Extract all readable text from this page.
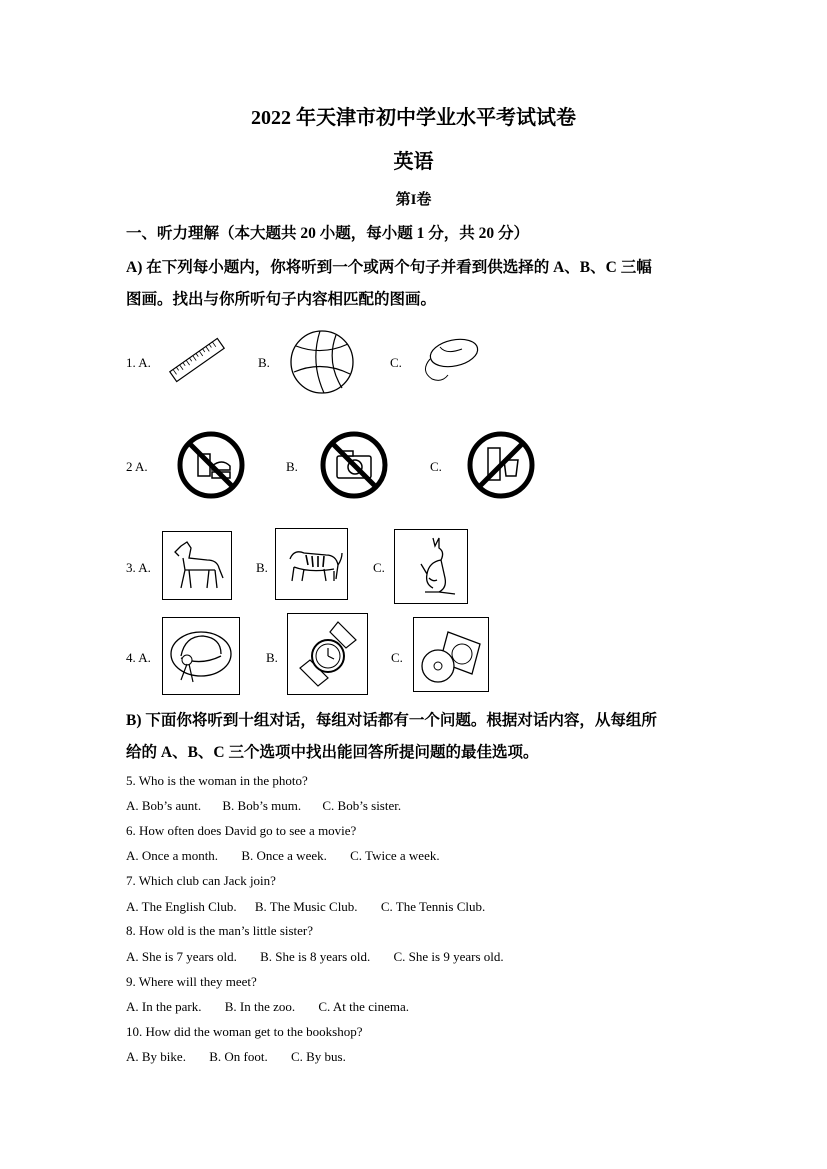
2022 年天津市初中学业水平考试试卷
英语
第I卷
一、听力理解（本大题共 20 小题，每小题 1 分，共 20 分）
A) 在下列每小题内，你将听到一个或两个句子并看到供选择的 A、B、C 三幅
图画。找出与你所听句子内容相匹配的图画。
1. A.	B.	C.
2 A.	B.	C.
3. A.	B.	C.
4. A.	B.	C.
B) 下面你将听到十组对话，每组对话都有一个问题。根据对话内容，从每组所
给的 A、B、C 三个选项中找出能回答所提问题的最佳选项。
5. Who is the woman in the photo?
A. Bob’s aunt. B. Bob’s mum. C. Bob’s sister.
6. How often does David go to see a movie?
A. Once a month. B. Once a week. C. Twice a week.
7. Which club can Jack join?
A. The English Club. B. The Music Club. C. The Tennis Club.
8. How old is the man’s little sister?
A. She is 7 years old. B. She is 8 years old. C. She is 9 years old.
9. Where will they meet?
A. In the park. B. In the zoo. C. At the cinema.
10. How did the woman get to the bookshop?
A. By bike. B. On foot. C. By bus.
